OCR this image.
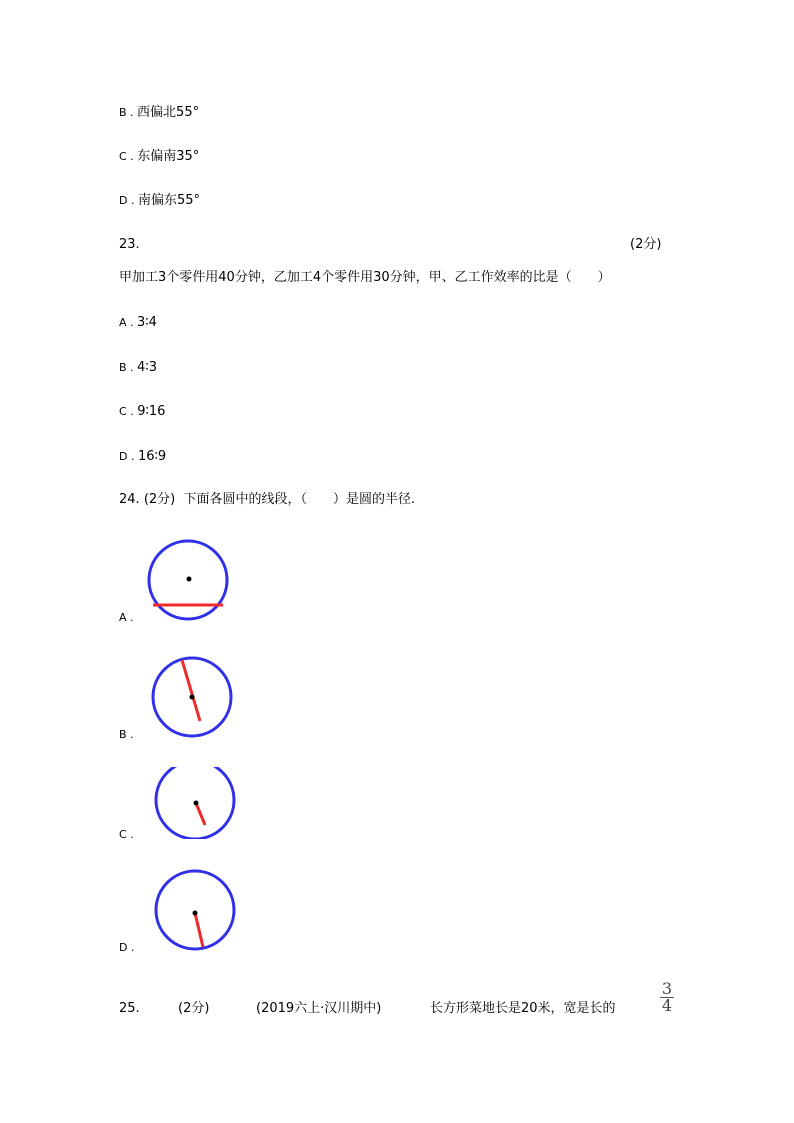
B . 西偏北55°
C . 东偏南35°
D . 南偏东55°
23.	(2分)
甲加工3个零件用40分钟，乙加工4个零件用30分钟，甲、乙工作效率的比是（　　）
A . 3∶4
B . 4∶3
C . 9∶16
D . 16∶9
24. (2分) 下面各圆中的线段，（　　）是圆的半径.
A .
B .
C .
D .
25.	(2分)	(2019六上·汉川期中)	长方形菜地长是20米，宽是长的
3
4
